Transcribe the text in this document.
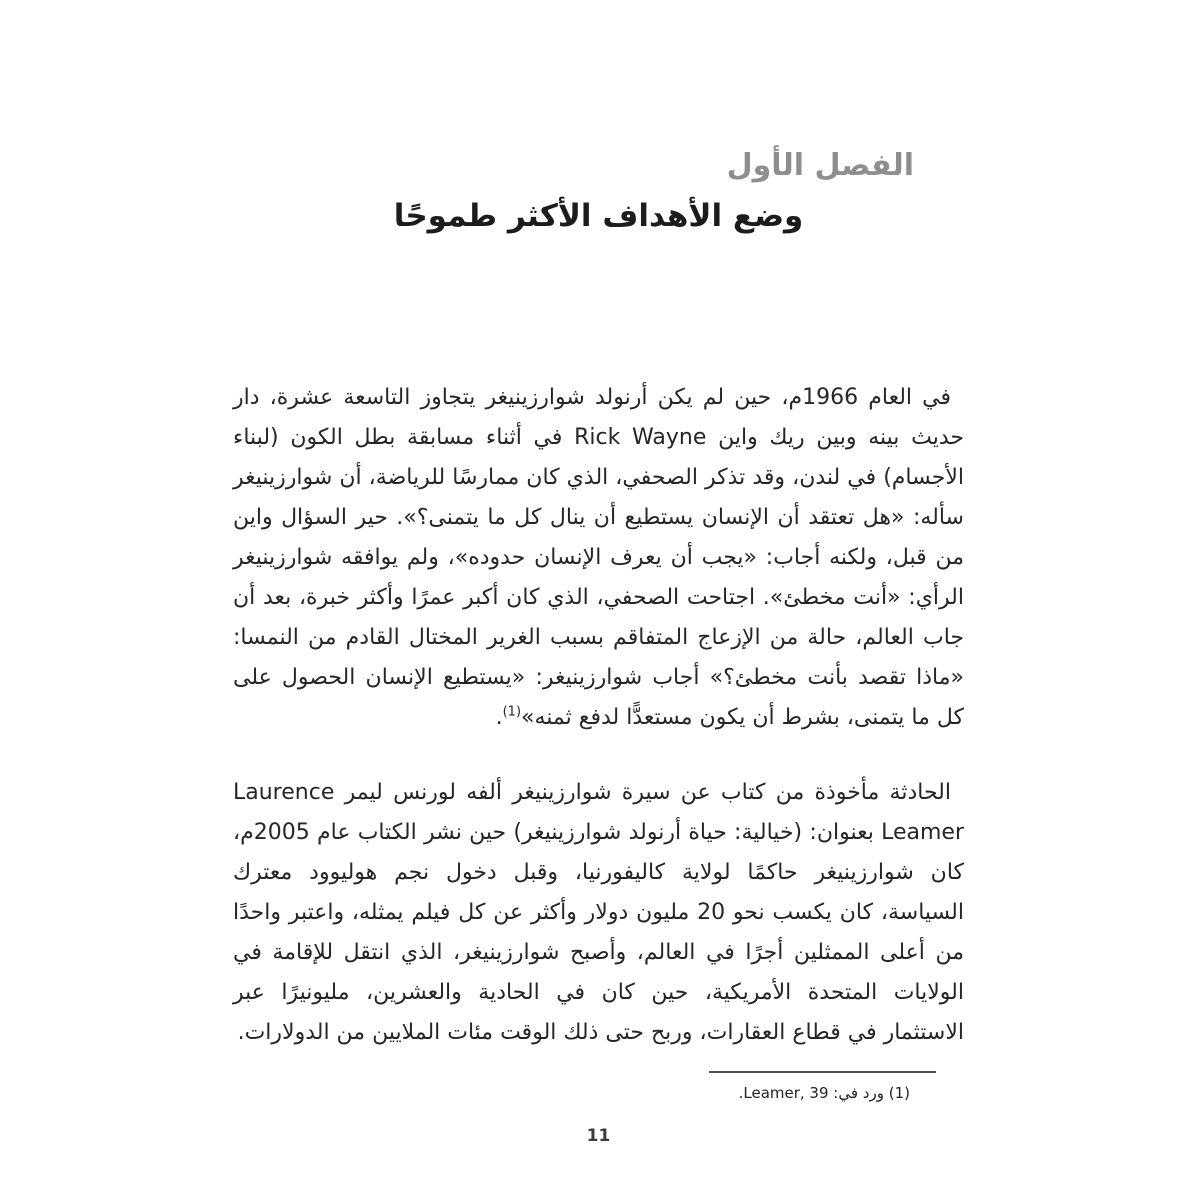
الفصل الأول
وضع الأهداف الأكثر طموحًا

في العام 1966م، حين لم يكن أرنولد شوارزينيغر يتجاوز التاسعة عشرة، دار حديث بينه وبين ريك واين Rick Wayne في أثناء مسابقة بطل الكون (لبناء الأجسام) في لندن، وقد تذكر الصحفي، الذي كان ممارسًا للرياضة، أن شوارزينيغر سأله: «هل تعتقد أن الإنسان يستطيع أن ينال كل ما يتمنى؟». حير السؤال واين من قبل، ولكنه أجاب: «يجب أن يعرف الإنسان حدوده»، ولم يوافقه شوارزينيغر الرأي: «أنت مخطئ». اجتاحت الصحفي، الذي كان أكبر عمرًا وأكثر خبرة، بعد أن جاب العالم، حالة من الإزعاج المتفاقم بسبب الغرير المختال القادم من النمسا: «ماذا تقصد بأنت مخطئ؟» أجاب شوارزينيغر: «يستطيع الإنسان الحصول على كل ما يتمنى، بشرط أن يكون مستعدًّا لدفع ثمنه»$^{(1)}$.

الحادثة مأخوذة من كتاب عن سيرة شوارزينيغر ألفه لورنس ليمر Laurence Leamer بعنوان: (خيالية: حياة أرنولد شوارزينيغر) حين نشر الكتاب عام 2005م، كان شوارزينيغر حاكمًا لولاية كاليفورنيا، وقبل دخول نجم هوليوود معترك السياسة، كان يكسب نحو 20 مليون دولار وأكثر عن كل فيلم يمثله، واعتبر واحدًا من أعلى الممثلين أجرًا في العالم، وأصبح شوارزينيغر، الذي انتقل للإقامة في الولايات المتحدة الأمريكية، حين كان في الحادية والعشرين، مليونيرًا عبر الاستثمار في قطاع العقارات، وربح حتى ذلك الوقت مئات الملايين من الدولارات.

(1) ورد في: Leamer, 39.
11
